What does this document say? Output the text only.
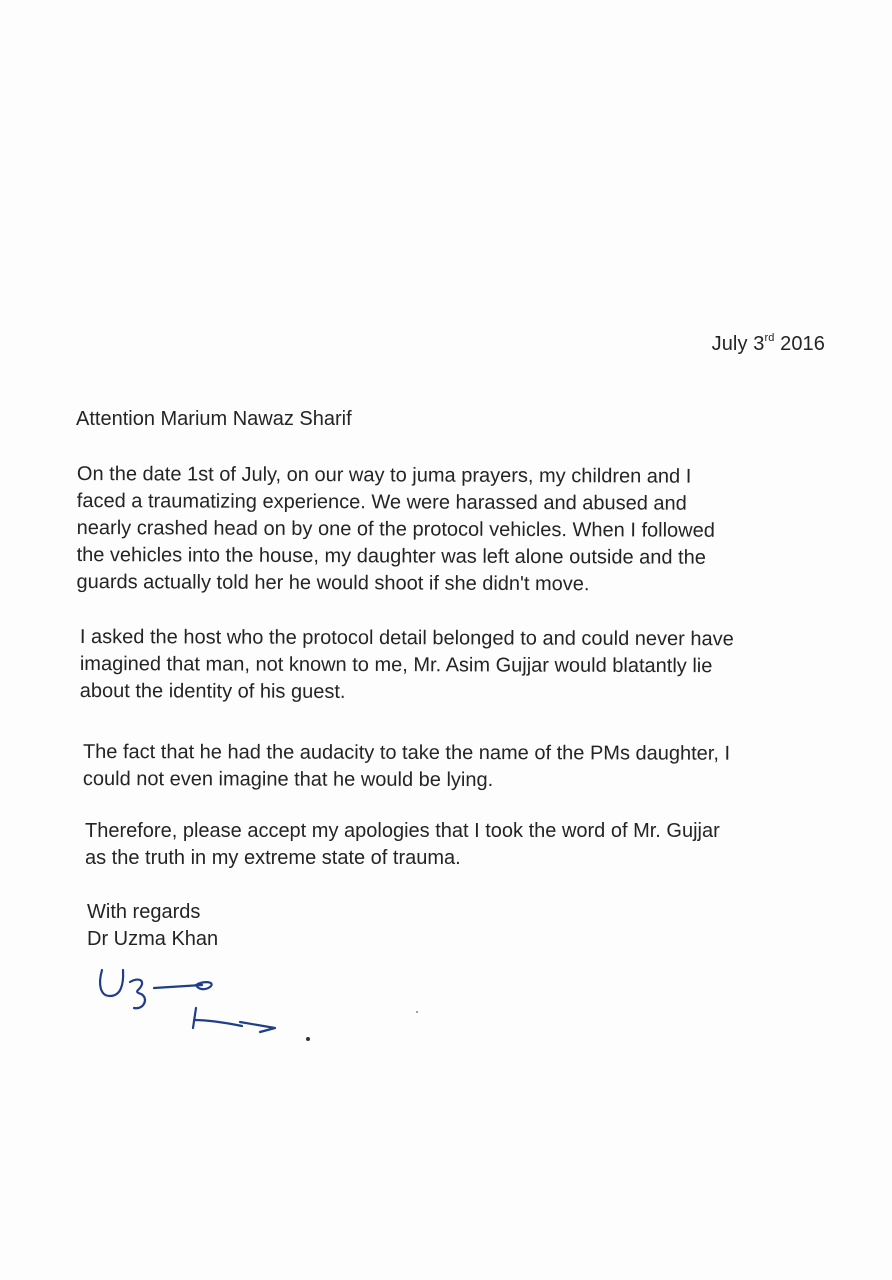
July 3rd 2016
Attention Marium Nawaz Sharif

On the date 1st of July, on our way to juma prayers, my children and I
faced a traumatizing experience. We were harassed and abused and
nearly crashed head on by one of the protocol vehicles. When I followed
the vehicles into the house, my daughter was left alone outside and the
guards actually told her he would shoot if she didn't move.

I asked the host who the protocol detail belonged to and could never have
imagined that man, not known to me, Mr. Asim Gujjar would blatantly lie
about the identity of his guest.

The fact that he had the audacity to take the name of the PMs daughter, I
could not even imagine that he would be lying.

Therefore, please accept my apologies that I took the word of Mr. Gujjar
as the truth in my extreme state of trauma.

With regards
Dr Uzma Khan
